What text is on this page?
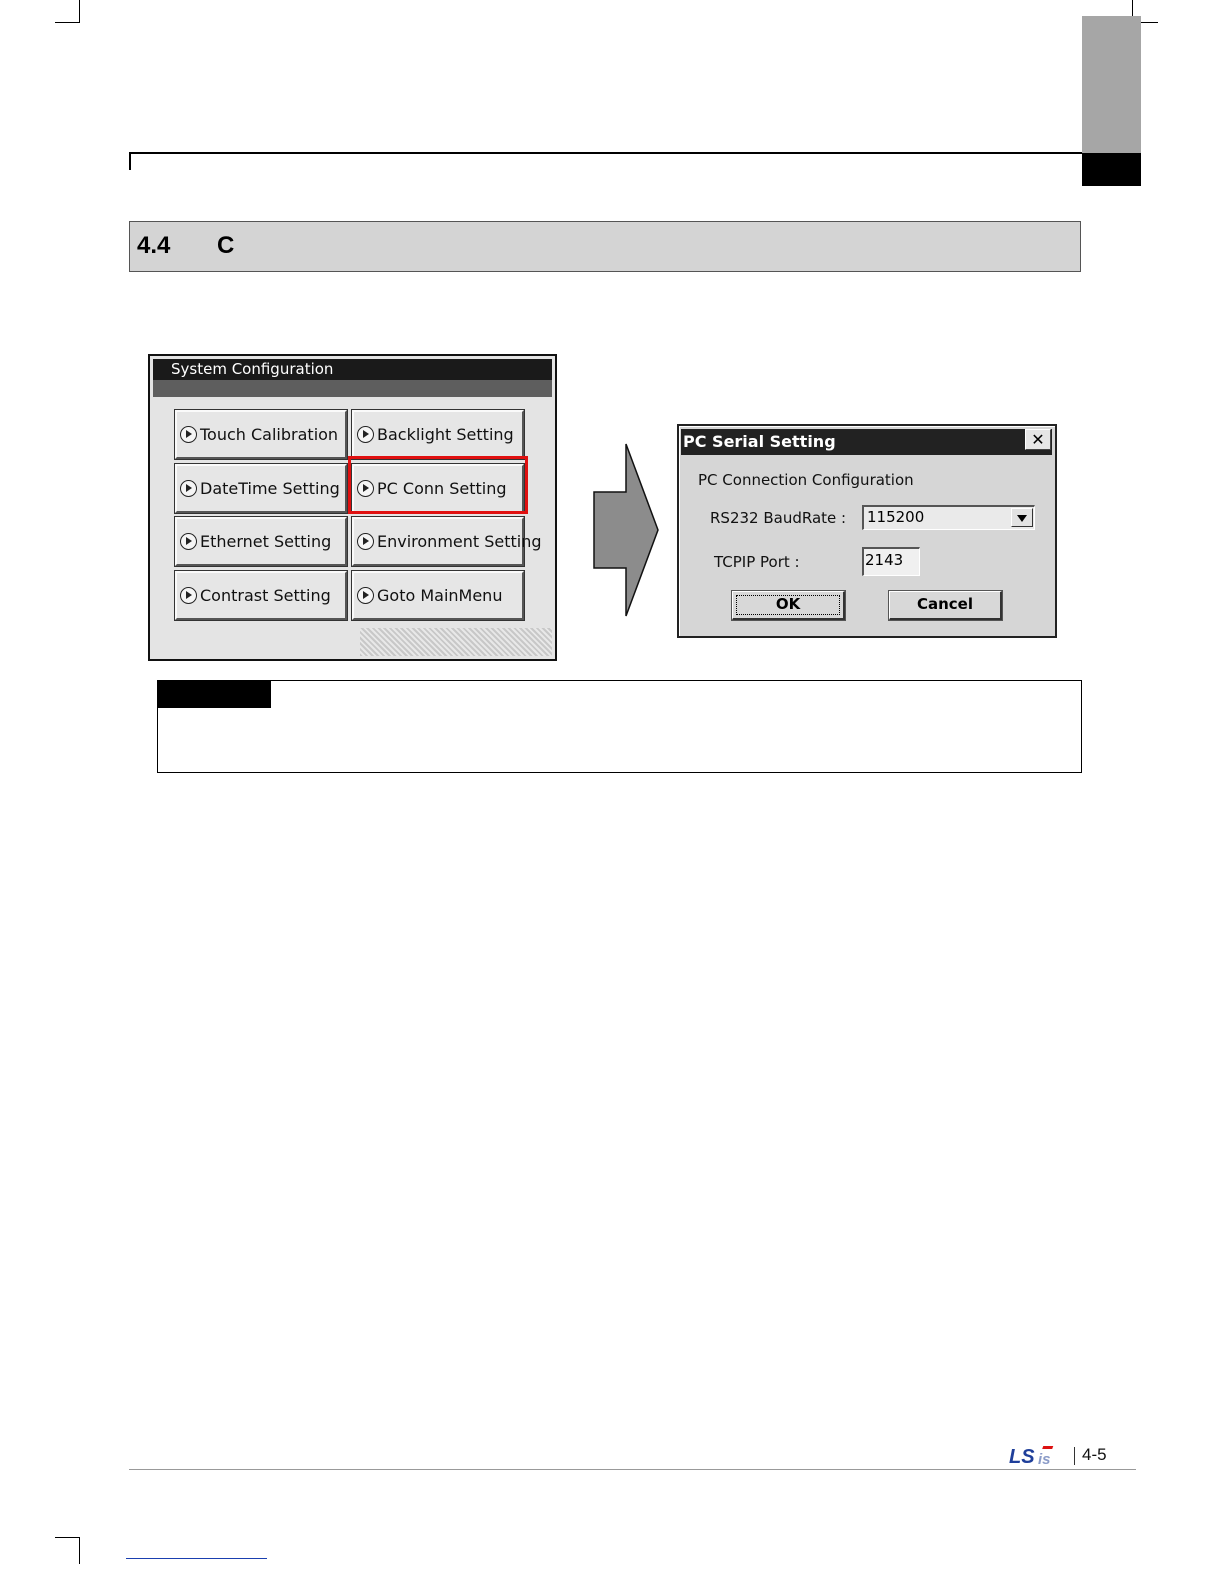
4.4 C
System Configuration
Touch Calibration Backlight Setting
DateTime Setting PC Conn Setting
Ethernet Setting	Environment Setting
Contrast Setting	Goto MainMenu
PC Serial Setting	✕
PC Connection Configuration
RS232 BaudRate :	115200
TCPIP Port :	2143
OK	Cancel
LS is 4-5
